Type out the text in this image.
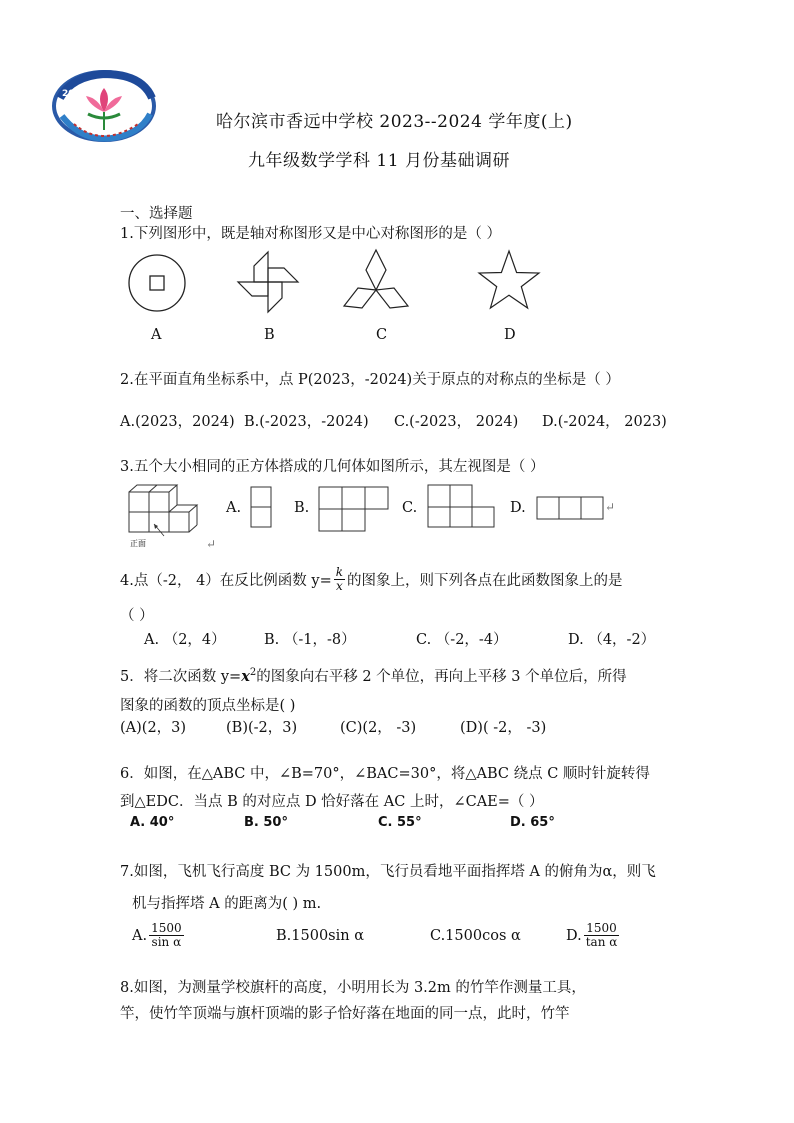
2011
哈尔滨市香远中学校 2023--2024 学年度(上)
九年级数学学科 11 月份基础调研
一、选择题
1.下列图形中，既是轴对称图形又是中心对称图形的是（ ）
A	B	C	D
2.在平面直角坐标系中，点 P(2023，-2024)关于原点的对称点的坐标是（ ）
A.(2023，2024) B.(-2023，-2024) C.(-2023， 2024) D.(-2024， 2023)
3.五个大小相同的正方体搭成的几何体如图所示，其左视图是（ ）
正面	↵
A.	B.	C.	D.	↵
4.点（-2， 4）在反比例函数 $y= \frac{k}{x}$ 的图象上，则下列各点在此函数图象上的是
（ ）
A. （2，4）	B. （-1，-8）	C. （-2，-4）	D. （4，-2）
5．将二次函数 $y=x^2$的图象向右平移 2 个单位，再向上平移 3 个单位后，所得
图象的函数的顶点坐标是( )
(A)(2，3)	(B)(-2，3)	(C)(2， -3)	(D)( -2， -3)
6．如图，在△ABC 中，∠B=70°，∠BAC=30°，将△ABC 绕点 C 顺时针旋转得
到△EDC．当点 B 的对应点 D 恰好落在 AC 上时，∠CAE=（ ）
A. 40°	B. 50°	C. 55°	D. 65°
7.如图，飞机飞行高度 BC 为 1500m，飞行员看地平面指挥塔 A 的俯角为α，则飞
机与指挥塔 A 的距离为( ) m.
A. $\frac{1500}{\text{sin α}}$	B.1500sin α	C.1500cos α	D. $\frac{1500}{\text{tan α}}$
8.如图，为测量学校旗杆的高度，小明用长为 3.2m 的竹竿作测量工具，
竿，使竹竿顶端与旗杆顶端的影子恰好落在地面的同一点，此时，竹竿
